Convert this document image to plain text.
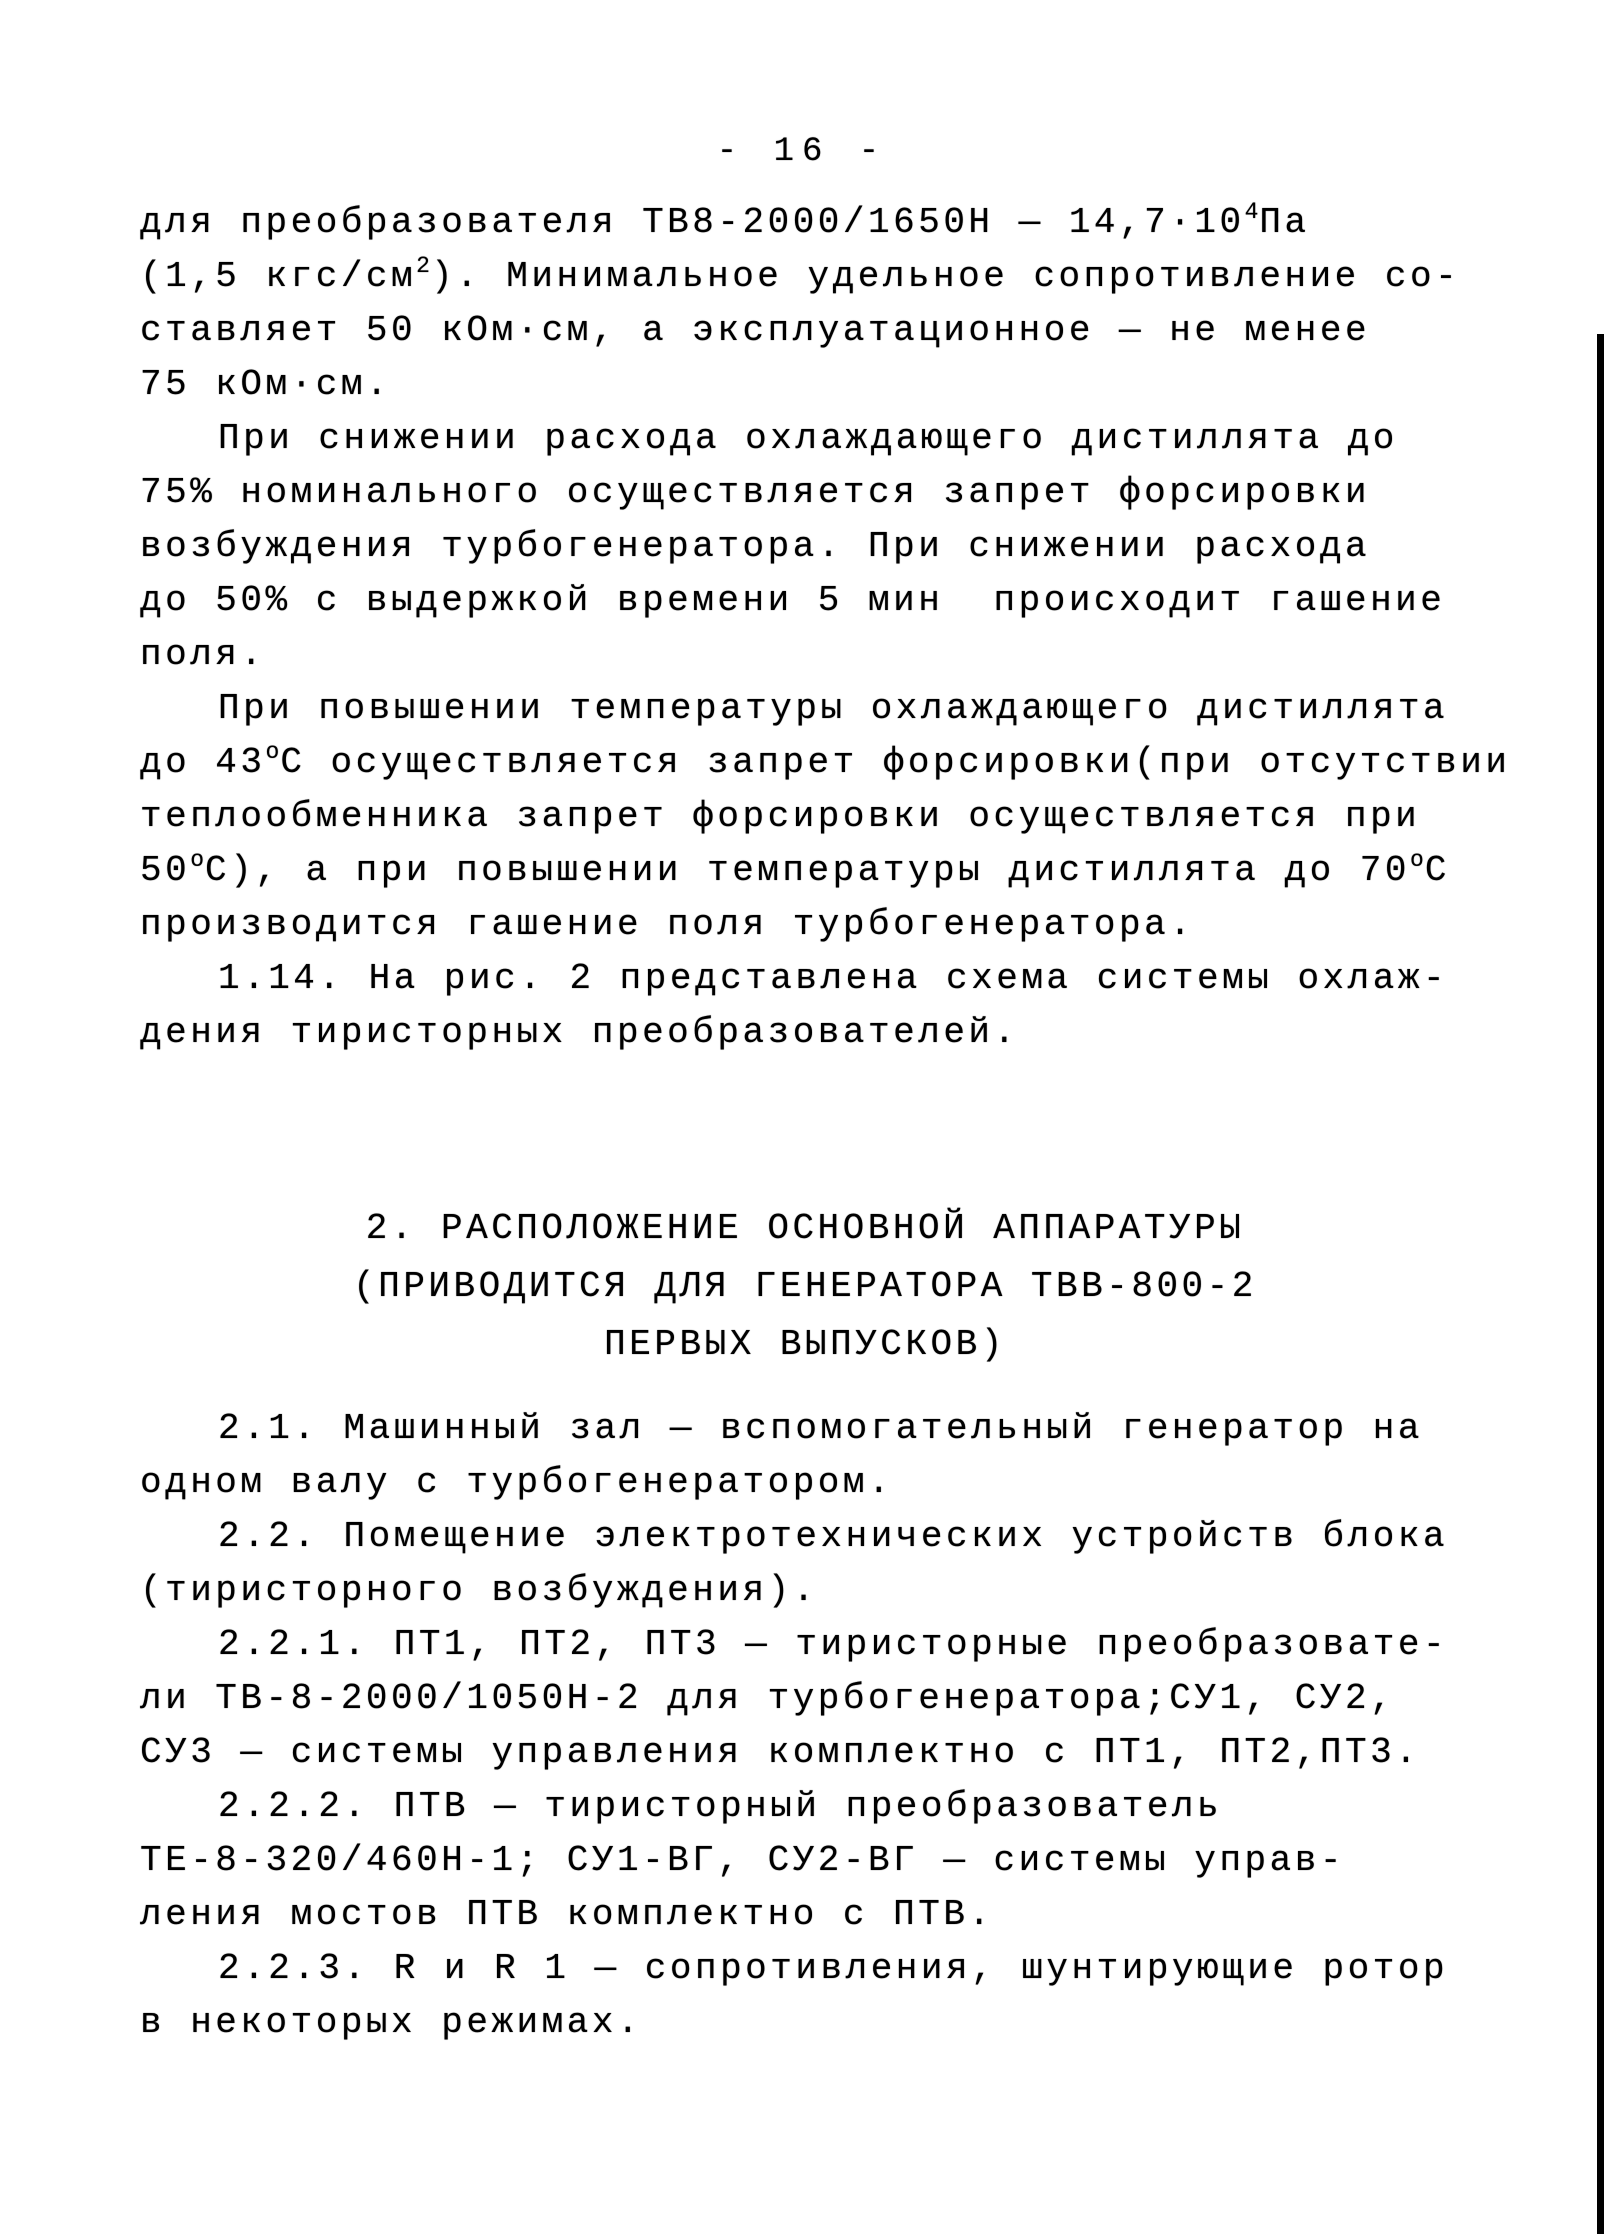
- 16 -
для преобразователя ТВ8-2000/1650Н — $14,7\cdot 10^4Па$
(1,5 кгс/$см^2$). Минимальное удельное сопротивление со-
ставляет 50 кОм·см, а эксплуатационное — не менее
75 кОм·см.
При снижении расхода охлаждающего дистиллята до
75% номинального осуществляется запрет форсировки
возбуждения турбогенератора. При снижении расхода
до 50% с выдержкой времени 5 мин  происходит гашение
поля.
При повышении температуры охлаждающего дистиллята
до $43^оС$ осуществляется запрет форсировки(при отсутствии
теплообменника запрет форсировки осуществляется при
$50^оС$), а при повышении температуры дистиллята до $70^оС$
производится гашение поля турбогенератора.
1.14. На рис. 2 представлена схема системы охлаж-
дения тиристорных преобразователей.
2. РАСПОЛОЖЕНИЕ ОСНОВНОЙ АППАРАТУРЫ
(ПРИВОДИТСЯ ДЛЯ ГЕНЕРАТОРА ТВВ-800-2
ПЕРВЫХ ВЫПУСКОВ)
2.1. Машинный зал — вспомогательный генератор на
одном валу с турбогенератором.
2.2. Помещение электротехнических устройств блока
(тиристорного возбуждения).
2.2.1. ПТ1, ПТ2, ПТ3 — тиристорные преобразовате-
ли ТВ-8-2000/1050Н-2 для турбогенератора;СУ1, СУ2,
СУ3 — системы управления комплектно с ПТ1, ПТ2,ПТ3.
2.2.2. ПТВ — тиристорный преобразователь
ТЕ-8-320/460Н-1; СУ1-ВГ, СУ2-ВГ — системы управ-
ления мостов ПТВ комплектно с ПТВ.
2.2.3. R и R 1 — сопротивления, шунтирующие ротор
в некоторых режимах.
